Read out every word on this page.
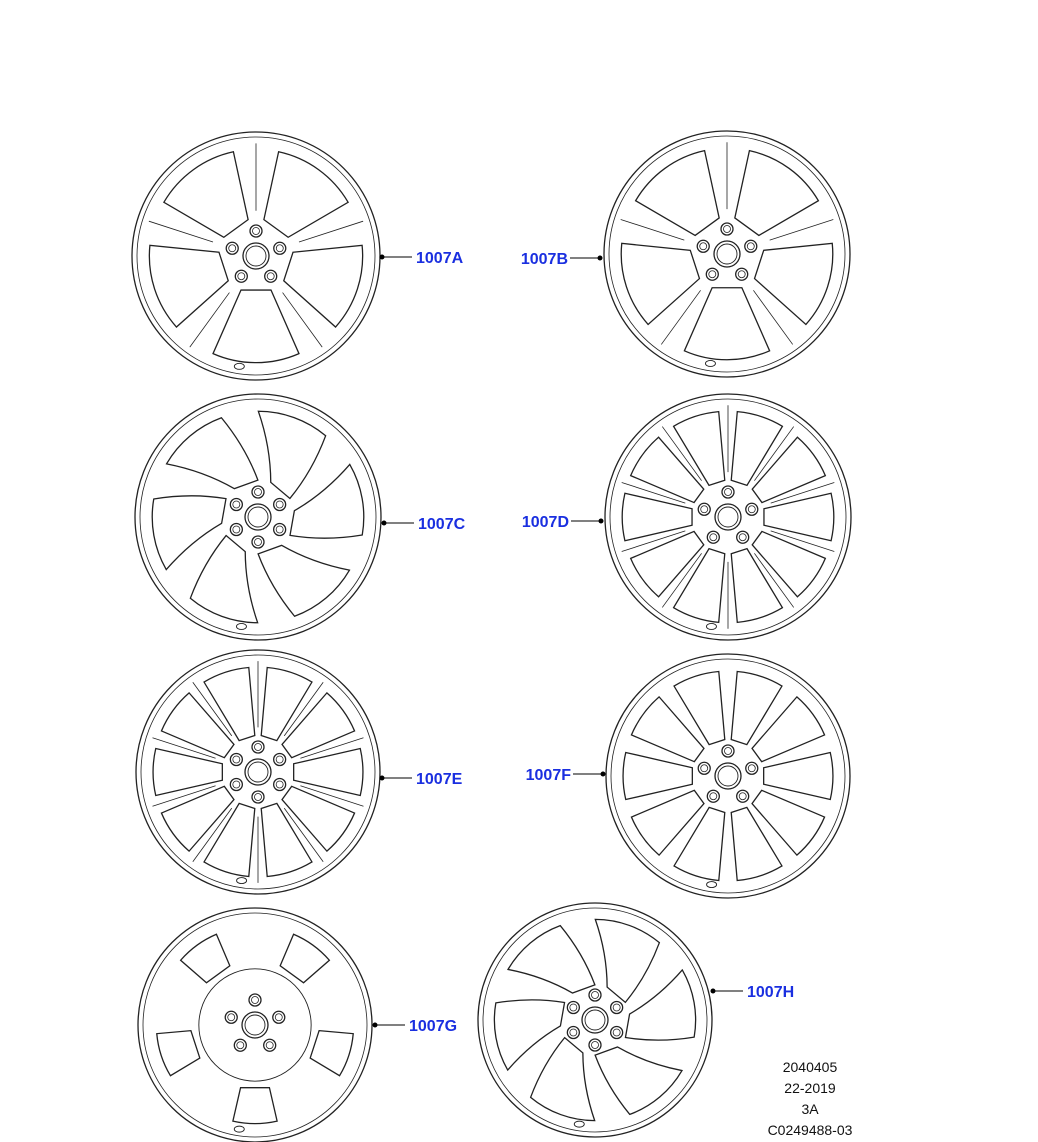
1007A	1007B
1007C	1007D
1007E	1007F
1007G
1007H
2040405
22-2019
3A
C0249488-03
